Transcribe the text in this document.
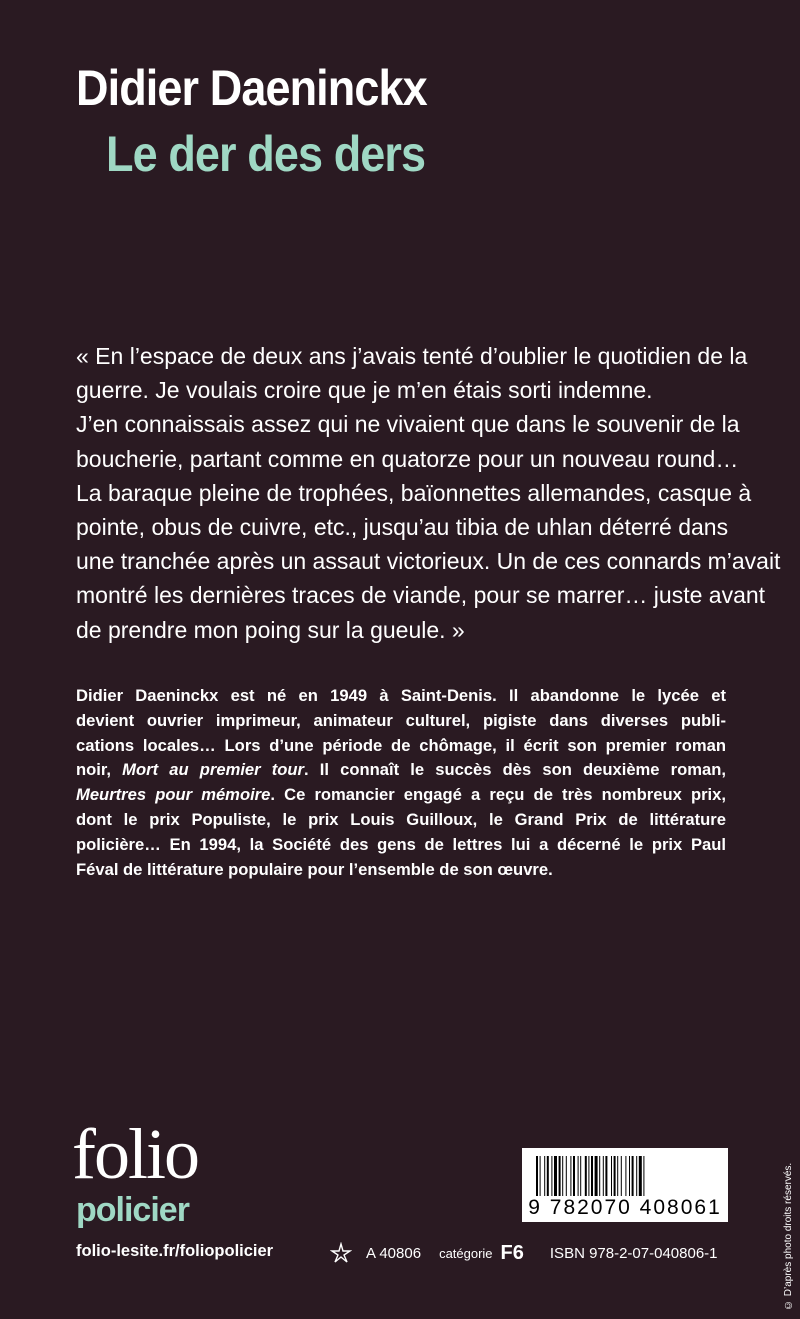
Didier Daeninckx
Le der des ders

« En l’espace de deux ans j’avais tenté d’oublier le quotidien de la
guerre. Je voulais croire que je m’en étais sorti indemne.
J’en connaissais assez qui ne vivaient que dans le souvenir de la
boucherie, partant comme en quatorze pour un nouveau round…
La baraque pleine de trophées, baïonnettes allemandes, casque à
pointe, obus de cuivre, etc., jusqu’au tibia de uhlan déterré dans
une tranchée après un assaut victorieux. Un de ces connards m’avait
montré les dernières traces de viande, pour se marrer… juste avant
de prendre mon poing sur la gueule. »

Didier Daeninckx est né en 1949 à Saint-Denis. Il abandonne le lycée et
devient ouvrier imprimeur, animateur culturel, pigiste dans diverses publi-
cations locales… Lors d’une période de chômage, il écrit son premier roman
noir, Mort au premier tour. Il connaît le succès dès son deuxième roman,
Meurtres pour mémoire. Ce romancier engagé a reçu de très nombreux prix,
dont le prix Populiste, le prix Louis Guilloux, le Grand Prix de littérature
policière… En 1994, la Société des gens de lettres lui a décerné le prix Paul
Féval de littérature populaire pour l’ensemble de son œuvre.

© D’après photo droits réservés.
folio
policier
folio-lesite.fr/foliopolicier
9 782070 408061
A 40806 catégorie F6 ISBN 978-2-07-040806-1
